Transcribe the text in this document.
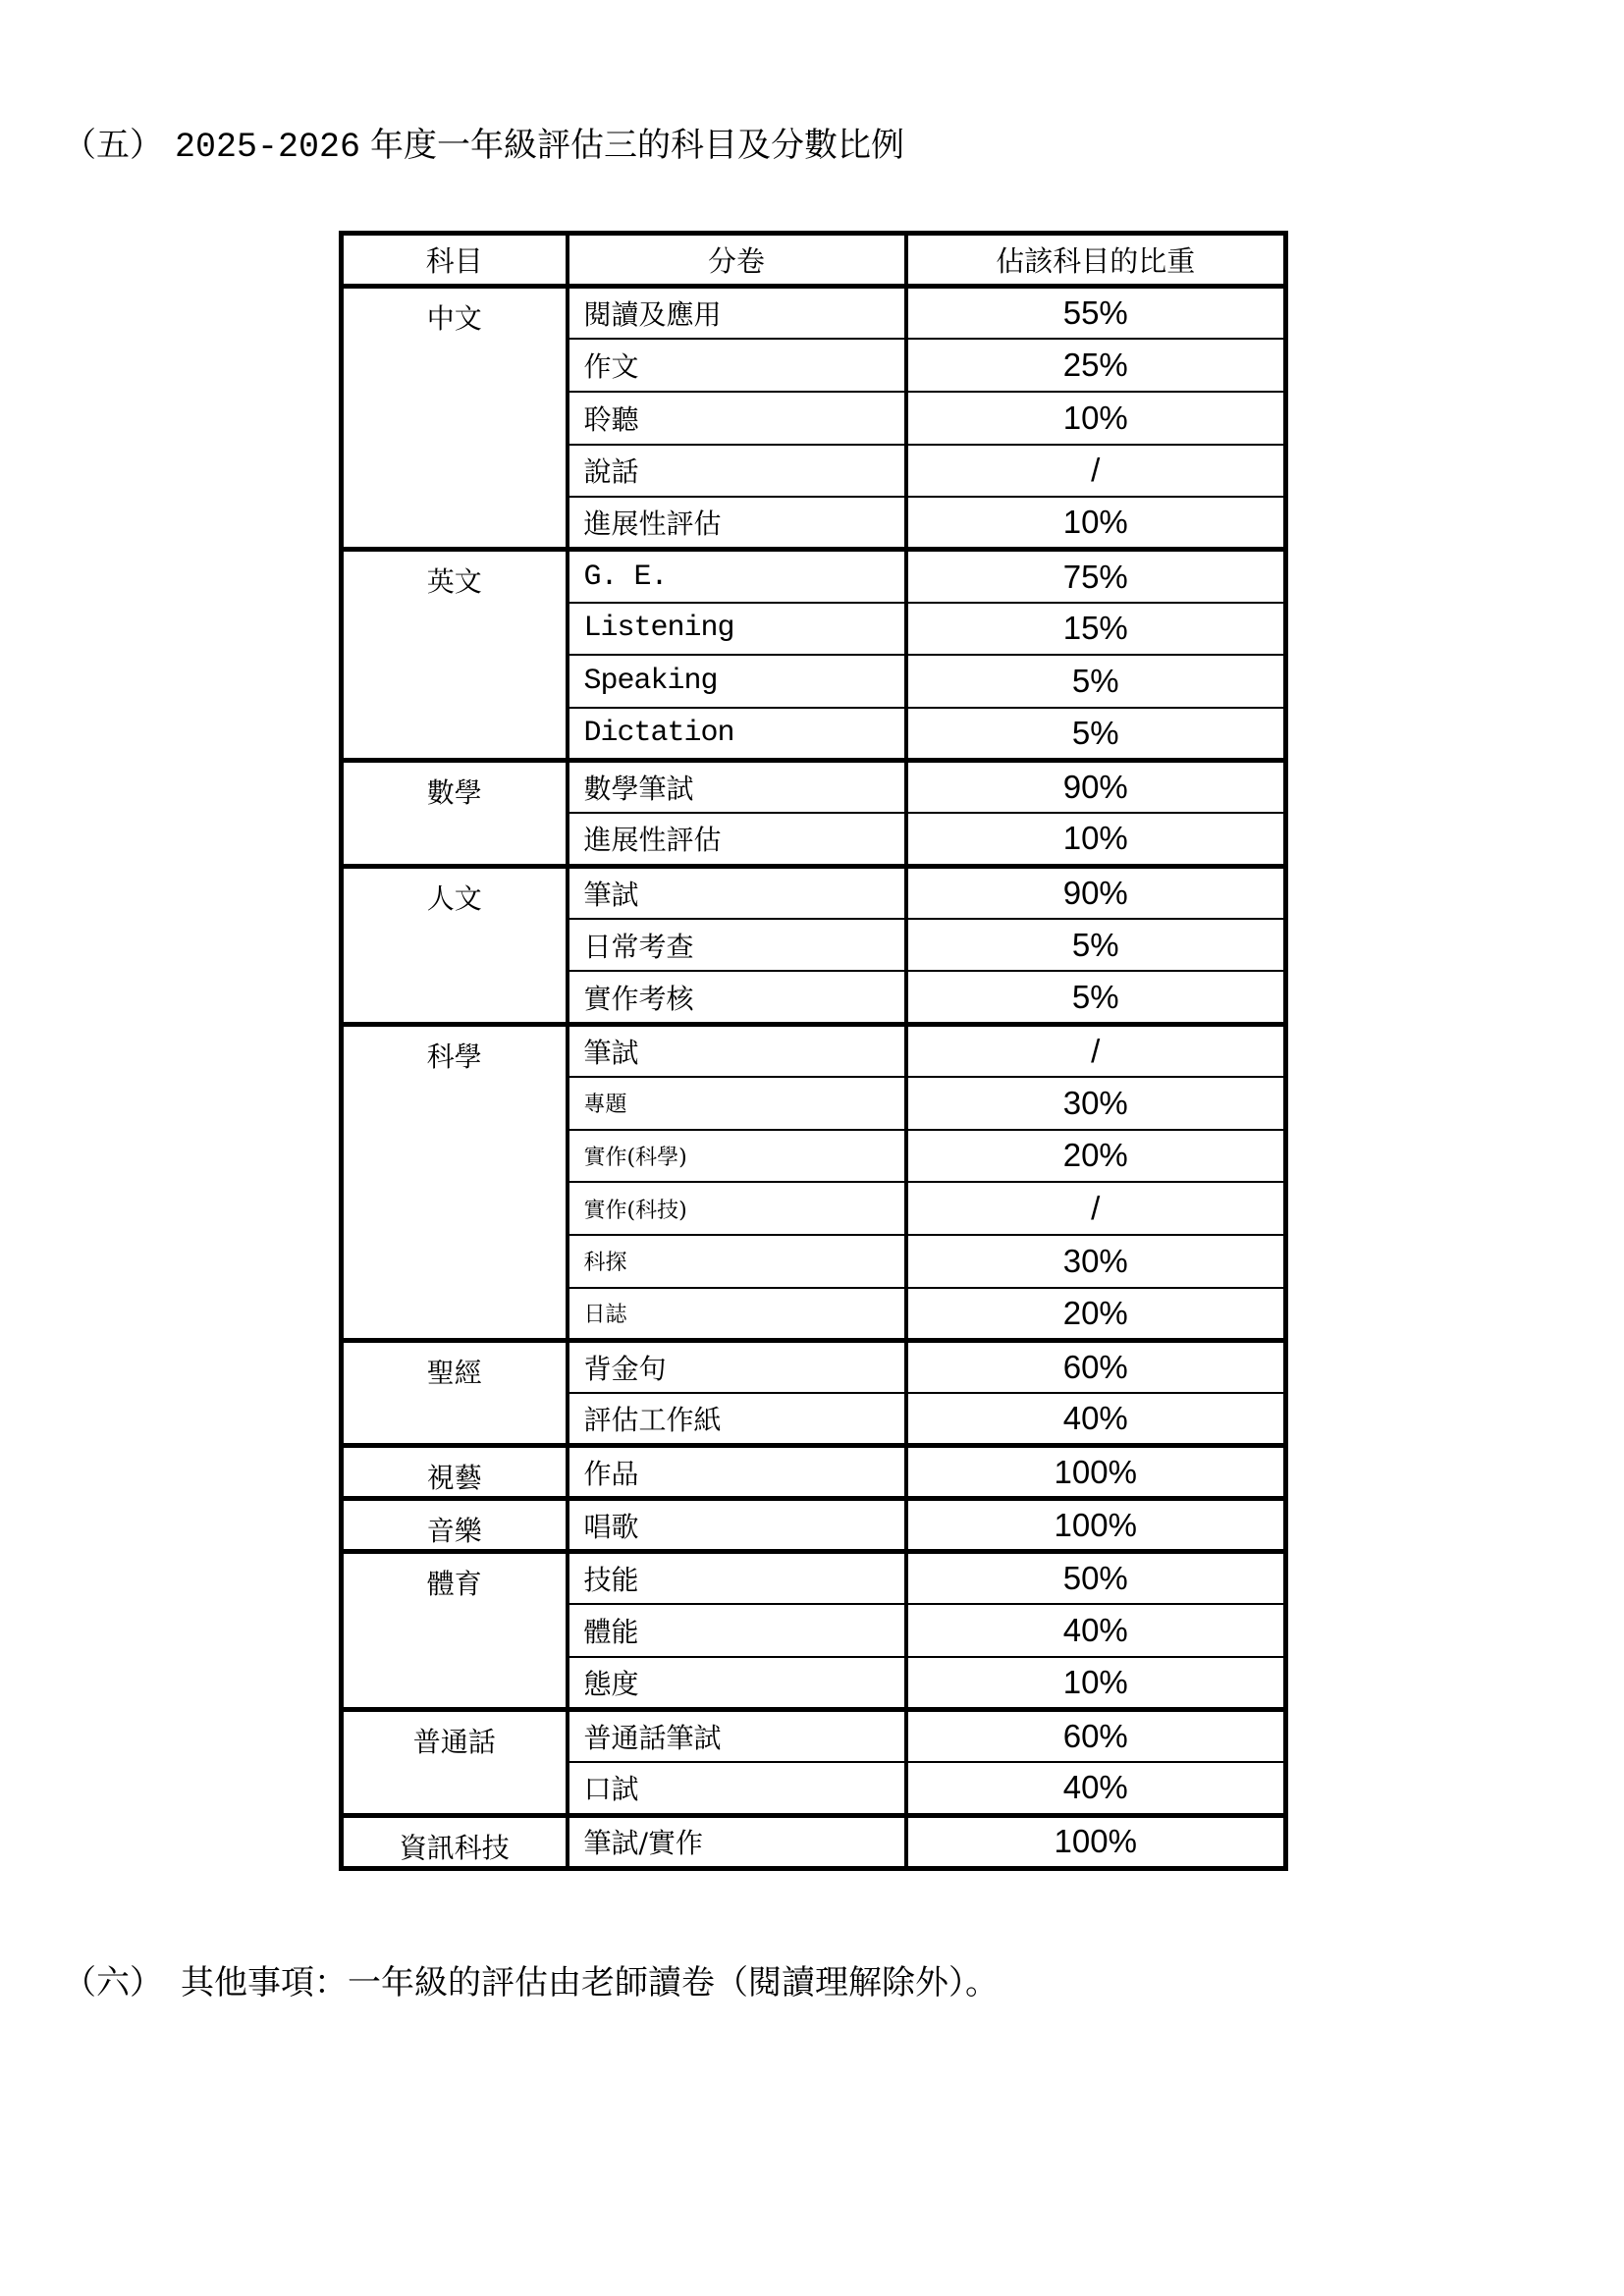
（五） 2025-2026 年度一年級評估三的科目及分數比例
科目	分卷	佔該科目的比重
中文	閱讀及應用	55%
	作文	25%
	聆聽	10%
	說話	/
	進展性評估	10%
英文	G. E.	75%
	Listening	15%
	Speaking	5%
	Dictation	5%
數學	數學筆試	90%
	進展性評估	10%
人文	筆試	90%
	日常考查	5%
	實作考核	5%
科學	筆試	/
	專題	30%
	實作(科學)	20%
	實作(科技)	/
	科探	30%
	日誌	20%
聖經	背金句	60%
	評估工作紙	40%
視藝	作品	100%
音樂	唱歌	100%
體育	技能	50%
	體能	40%
	態度	10%
普通話	普通話筆試	60%
	口試	40%
資訊科技	筆試/實作	100%
（六） 其他事項：一年級的評估由老師讀卷（閱讀理解除外）。
